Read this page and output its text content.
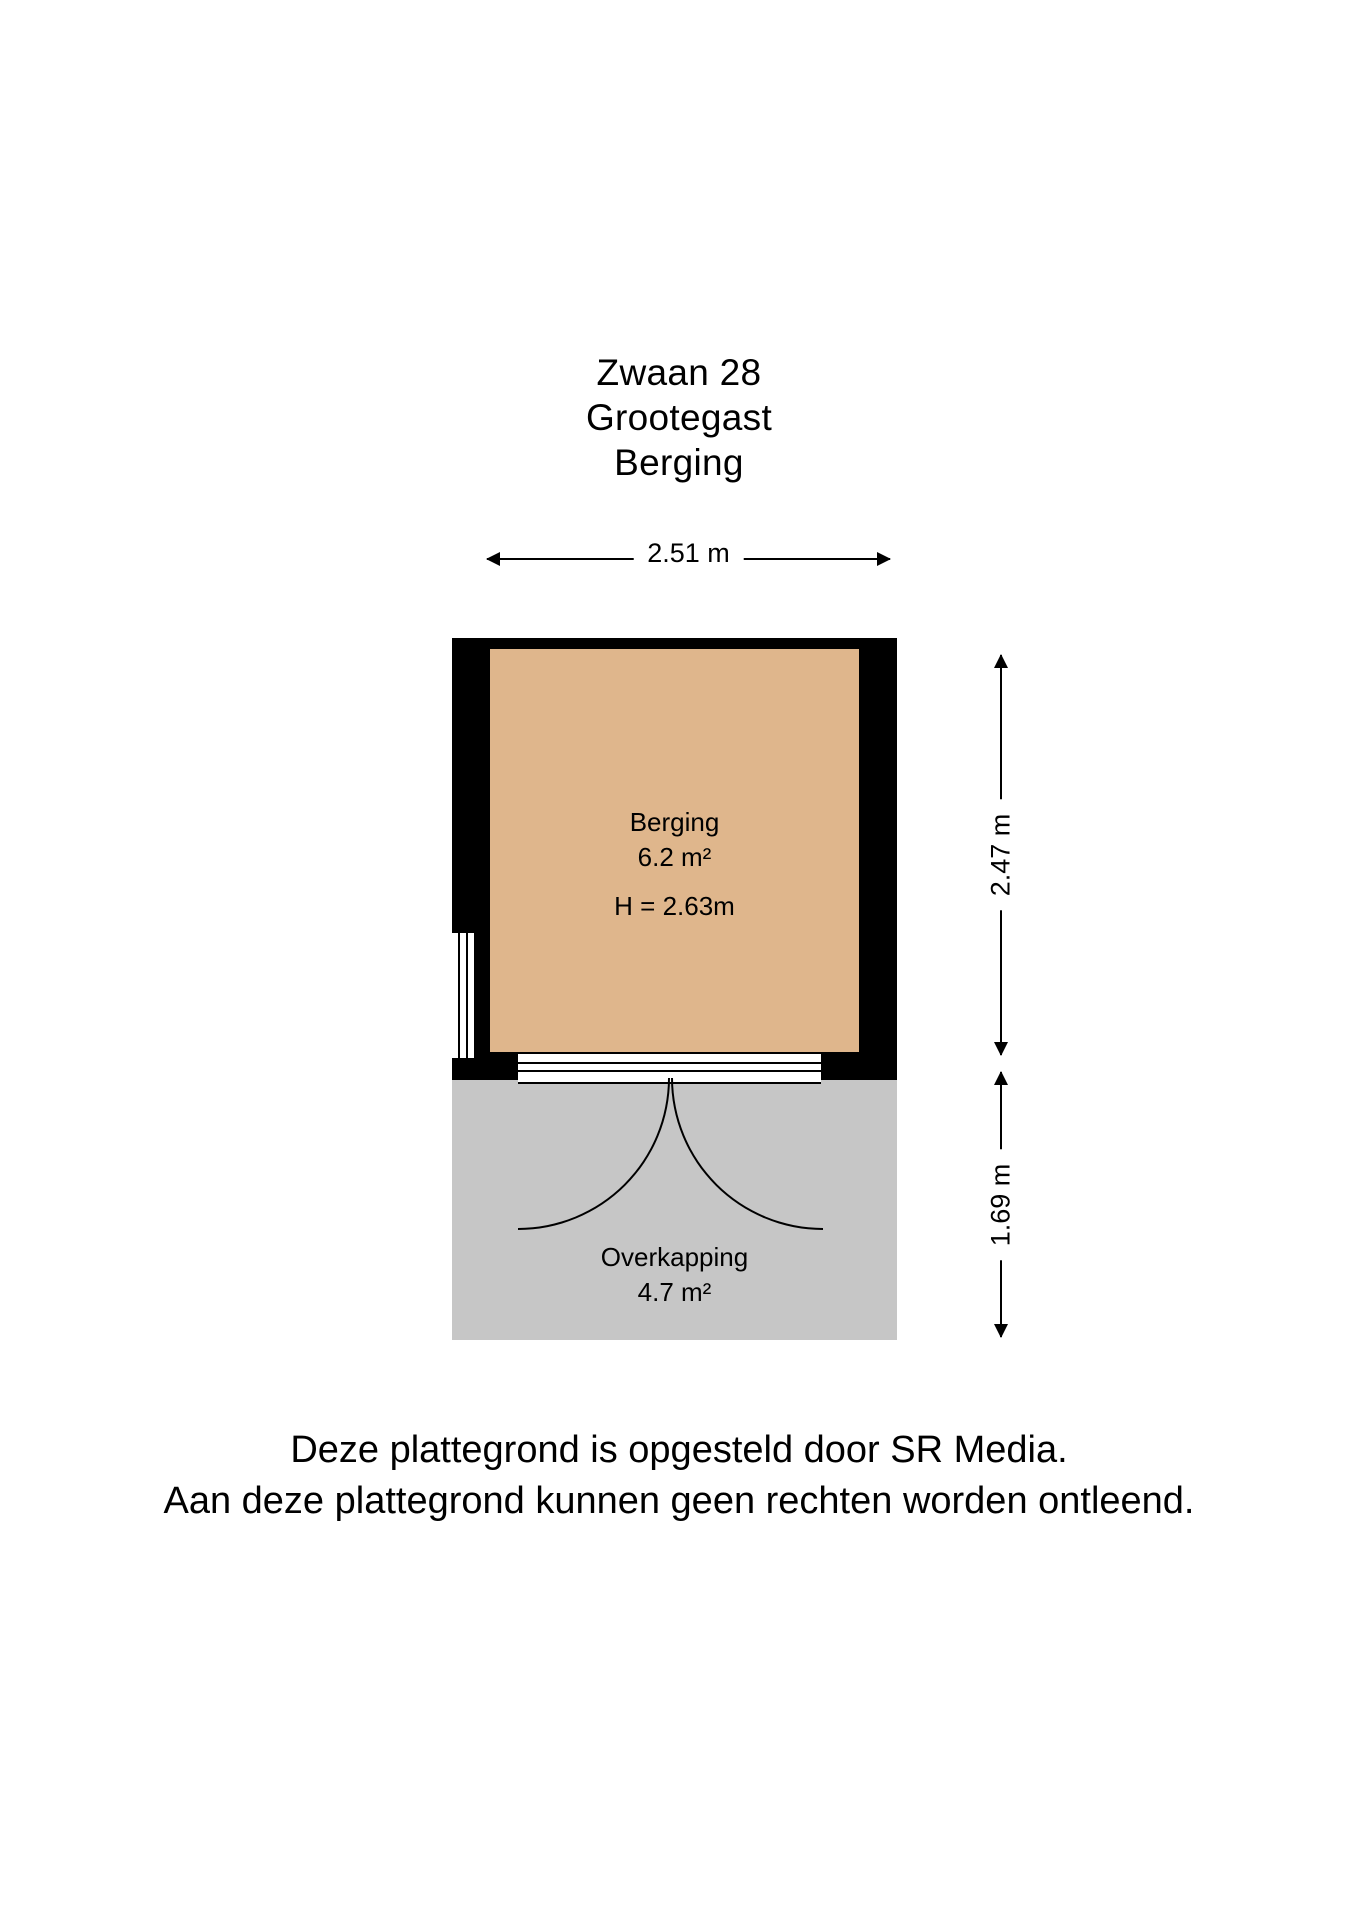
Zwaan 28
Grootegast
Berging
2.51 m
Berging
6.2 m²
H = 2.63m
Overkapping
4.7 m²
2.47 m
1.69 m
Deze plattegrond is opgesteld door SR Media.
Aan deze plattegrond kunnen geen rechten worden ontleend.
